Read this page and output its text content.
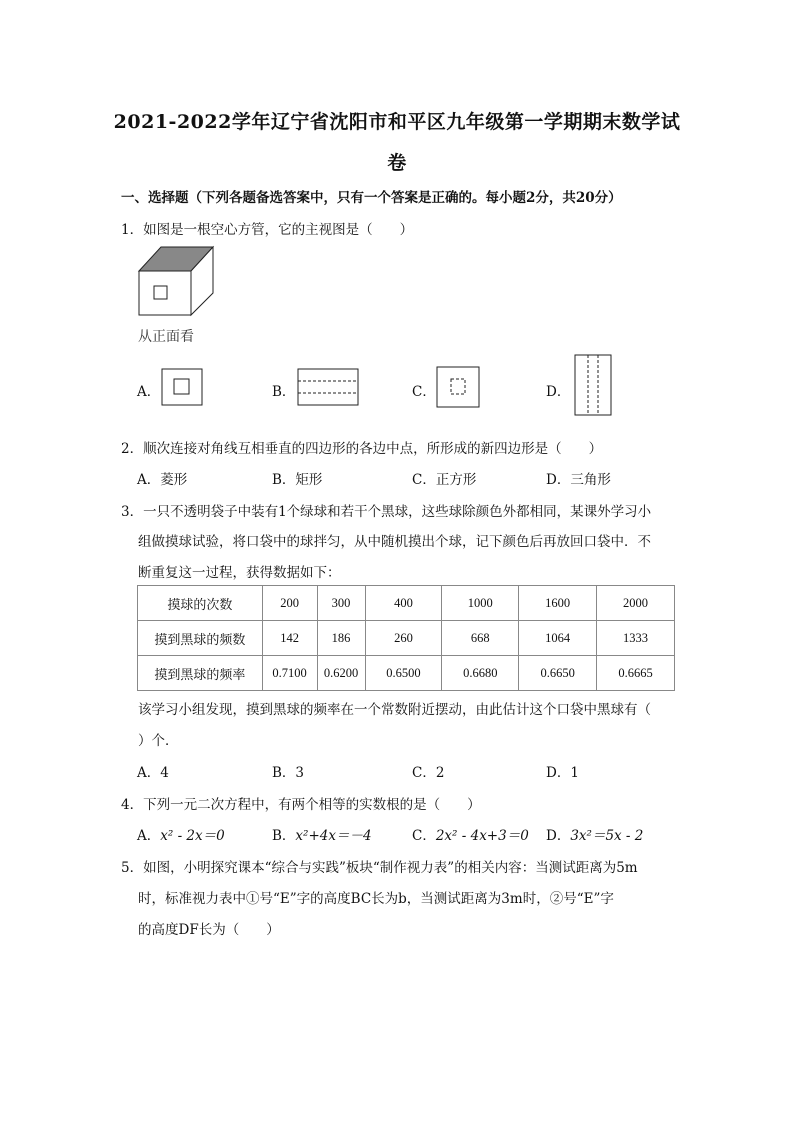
2021-2022学年辽宁省沈阳市和平区九年级第一学期期末数学试
卷
一、选择题（下列各题备选答案中，只有一个答案是正确的。每小题2分，共20分）
1．如图是一根空心方管，它的主视图是（　　）
从正面看
A．	B．	C．	D．
2．顺次连接对角线互相垂直的四边形的各边中点，所形成的新四边形是（　　）
A．菱形	B．矩形	C．正方形	D．三角形
3．一只不透明袋子中装有1个绿球和若干个黑球，这些球除颜色外都相同，某课外学习小
组做摸球试验，将口袋中的球拌匀，从中随机摸出个球，记下颜色后再放回口袋中．不
断重复这一过程，获得数据如下：
摸球的次数	200	300	400	1000	1600	2000
摸到黑球的频数	142	186	260	668	1064	1333
摸到黑球的频率	0.7100	0.6200	0.6500	0.6680	0.6650	0.6665
该学习小组发现，摸到黑球的频率在一个常数附近摆动，由此估计这个口袋中黑球有（
）个．
A．4	B．3	C．2	D．1
4．下列一元二次方程中，有两个相等的实数根的是（　　）
A．x² - 2x＝0	B．x²+4x＝－4	C．2x² - 4x+3＝0 D．3x²＝5x - 2
5．如图，小明探究课本“综合与实践”板块“制作视力表”的相关内容：当测试距离为5m
时，标准视力表中①号“E”字的高度BC长为b，当测试距离为3m时，②号“E”字
的高度DF长为（　　）
